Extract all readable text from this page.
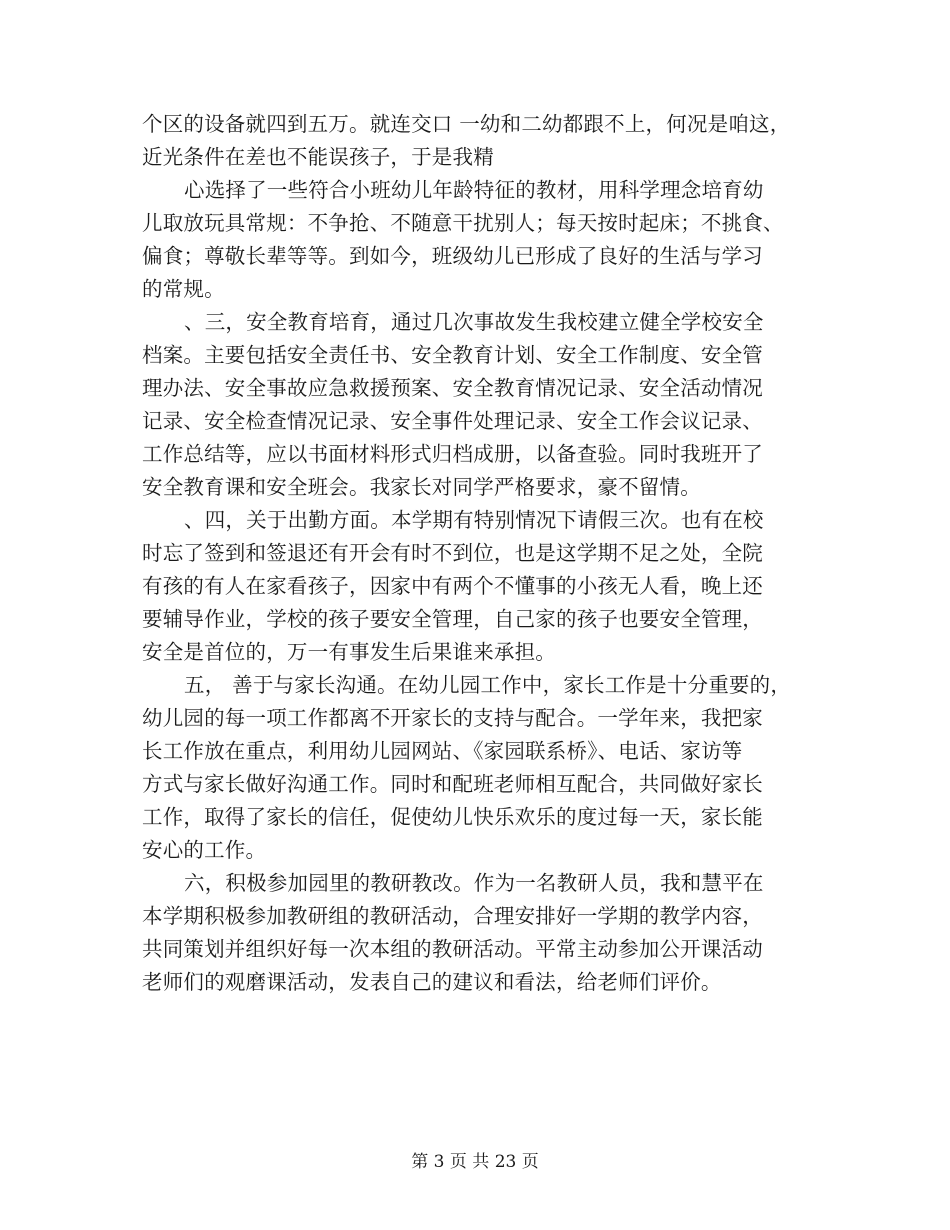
个区的设备就四到五万。就连交口 一幼和二幼都跟不上，何况是咱这，
近光条件在差也不能误孩子，于是我精
心选择了一些符合小班幼儿年龄特征的教材，用科学理念培育幼
儿取放玩具常规：不争抢、不随意干扰别人；每天按时起床；不挑食、
偏食；尊敬长辈等等。到如今，班级幼儿已形成了良好的生活与学习
的常规。
、三，安全教育培育，通过几次事故发生我校建立健全学校安全
档案。主要包括安全责任书、安全教育计划、安全工作制度、安全管
理办法、安全事故应急救援预案、安全教育情况记录、安全活动情况
记录、安全检查情况记录、安全事件处理记录、安全工作会议记录、
工作总结等，应以书面材料形式归档成册，以备查验。同时我班开了
安全教育课和安全班会。我家长对同学严格要求，豪不留情。
、四，关于出勤方面。本学期有特别情况下请假三次。也有在校
时忘了签到和签退还有开会有时不到位，也是这学期不足之处，全院
有孩的有人在家看孩子，因家中有两个不懂事的小孩无人看，晚上还
要辅导作业，学校的孩子要安全管理，自己家的孩子也要安全管理，
安全是首位的，万一有事发生后果谁来承担。
五， 善于与家长沟通。在幼儿园工作中，家长工作是十分重要的，
幼儿园的每一项工作都离不开家长的支持与配合。一学年来，我把家
长工作放在重点，利用幼儿园网站、《家园联系桥》、电话、家访等
方式与家长做好沟通工作。同时和配班老师相互配合，共同做好家长
工作，取得了家长的信任，促使幼儿快乐欢乐的度过每一天，家长能
安心的工作。
六，积极参加园里的教研教改。作为一名教研人员，我和慧平在
本学期积极参加教研组的教研活动，合理安排好一学期的教学内容，
共同策划并组织好每一次本组的教研活动。平常主动参加公开课活动
老师们的观磨课活动，发表自己的建议和看法，给老师们评价。
第 3 页 共 23 页
